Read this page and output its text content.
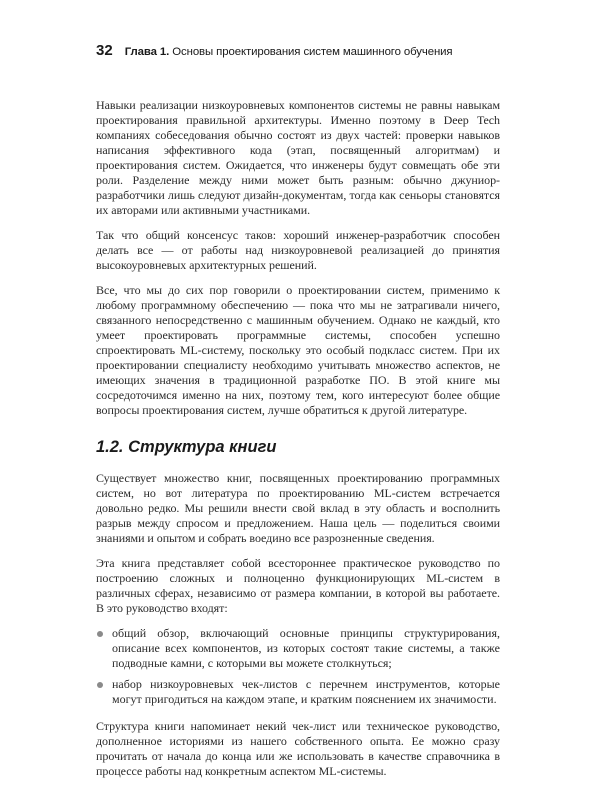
32 Глава 1. Основы проектирования систем машинного обучения

Навыки реализации низкоуровневых компонентов системы не равны навыкам проектирования правильной архитектуры. Именно поэтому в Deep Tech компаниях собеседования обычно состоят из двух частей: проверки навыков написания эффективного кода (этап, посвященный алгоритмам) и проектирования систем. Ожидается, что инженеры будут совмещать обе эти роли. Разделение между ними может быть разным: обычно джуниор-разработчики лишь следуют дизайн-документам, тогда как сеньоры становятся их авторами или активными участниками.

Так что общий консенсус таков: хороший инженер-разработчик способен делать все — от работы над низкоуровневой реализацией до принятия высокоуровневых архитектурных решений.

Все, что мы до сих пор говорили о проектировании систем, применимо к любому программному обеспечению — пока что мы не затрагивали ничего, связанного непосредственно с машинным обучением. Однако не каждый, кто умеет проектировать программные системы, способен успешно спроектировать ML-систему, поскольку это особый подкласс систем. При их проектировании специалисту необходимо учитывать множество аспектов, не имеющих значения в традиционной разработке ПО. В этой книге мы сосредоточимся именно на них, поэтому тем, кого интересуют более общие вопросы проектирования систем, лучше обратиться к другой литературе.

1.2. Структура книги

Существует множество книг, посвященных проектированию программных систем, но вот литература по проектированию ML-систем встречается довольно редко. Мы решили внести свой вклад в эту область и восполнить разрыв между спросом и предложением. Наша цель — поделиться своими знаниями и опытом и собрать воедино все разрозненные сведения.

Эта книга представляет собой всестороннее практическое руководство по построению сложных и полноценно функционирующих ML-систем в различных сферах, независимо от размера компании, в которой вы работаете. В это руководство входят:

общий обзор, включающий основные принципы структурирования, описание всех компонентов, из которых состоят такие системы, а также подводные камни, с которыми вы можете столкнуться;
набор низкоуровневых чек-листов с перечнем инструментов, которые могут пригодиться на каждом этапе, и кратким пояснением их значимости.

Структура книги напоминает некий чек-лист или техническое руководство, дополненное историями из нашего собственного опыта. Ее можно сразу прочитать от начала до конца или же использовать в качестве справочника в процессе работы над конкретным аспектом ML-системы.
